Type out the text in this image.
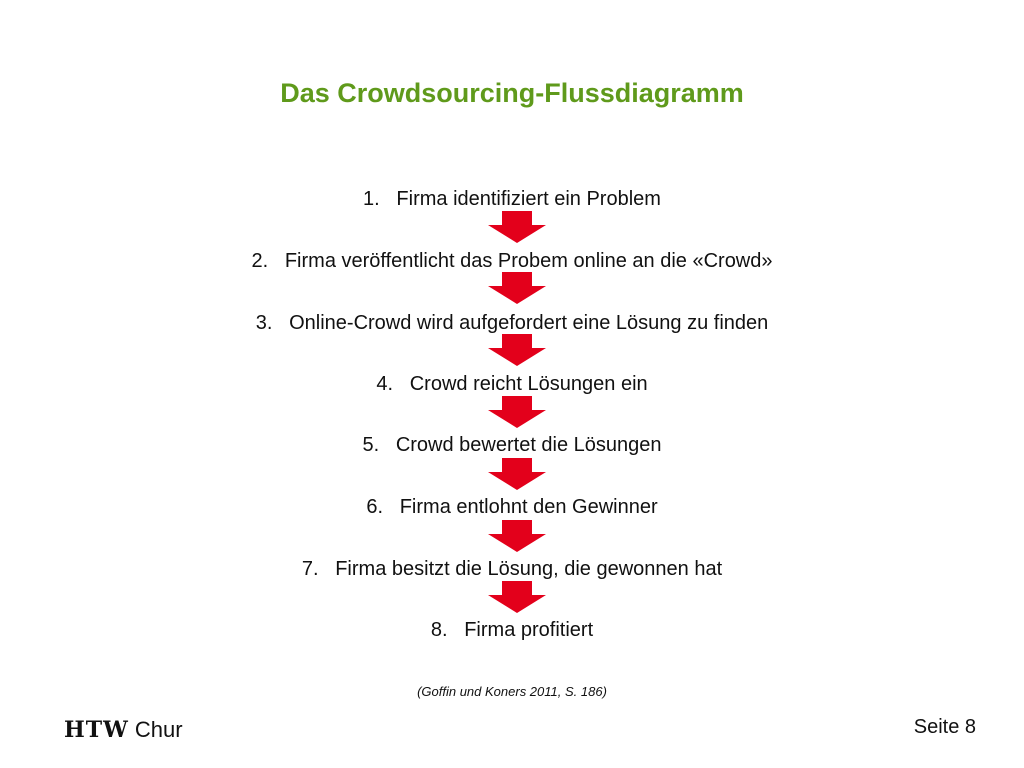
Das Crowdsourcing-Flussdiagramm
1. Firma identifiziert ein Problem
2. Firma veröffentlicht das Probem online an die «Crowd»
3. Online-Crowd wird aufgefordert eine Lösung zu finden
4. Crowd reicht Lösungen ein
5. Crowd bewertet die Lösungen
6. Firma entlohnt den Gewinner
7. Firma besitzt die Lösung, die gewonnen hat
8. Firma profitiert
(Goffin und Koners 2011, S. 186)
HTW Chur	Seite 8
